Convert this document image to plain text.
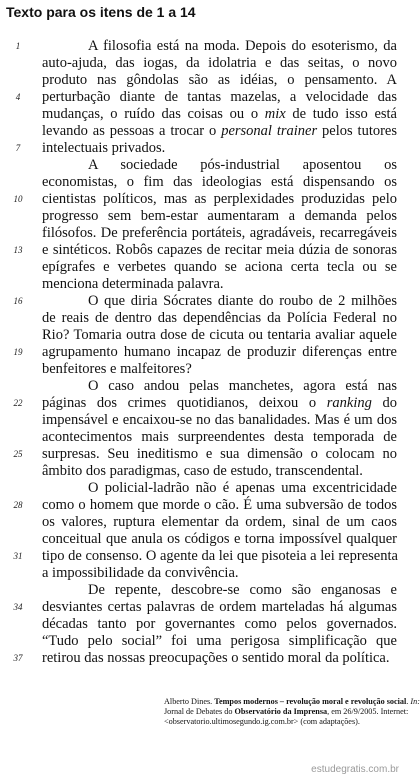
Texto para os itens de 1 a 14
A filosofia está na moda. Depois do esoterismo, da
1
auto-ajuda, das iogas, da idolatria e das seitas, o novo
produto nas gôndolas são as idéias, o pensamento. A
perturbação diante de tantas mazelas, a velocidade das
4
mudanças, o ruído das coisas ou o mix de tudo isso está
levando as pessoas a trocar o personal trainer pelos tutores
intelectuais privados.
7
A sociedade pós-industrial aposentou os
economistas, o fim das ideologias está dispensando os
cientistas políticos, mas as perplexidades produzidas pelo
10
progresso sem bem-estar aumentaram a demanda pelos
filósofos. De preferência portáteis, agradáveis, recarregáveis
e sintéticos. Robôs capazes de recitar meia dúzia de sonoras
13
epígrafes e verbetes quando se aciona certa tecla ou se
menciona determinada palavra.
O que diria Sócrates diante do roubo de 2 milhões
16
de reais de dentro das dependências da Polícia Federal no
Rio? Tomaria outra dose de cicuta ou tentaria avaliar aquele
agrupamento humano incapaz de produzir diferenças entre
19
benfeitores e malfeitores?
O caso andou pelas manchetes, agora está nas
páginas dos crimes quotidianos, deixou o ranking do
22
impensável e encaixou-se no das banalidades. Mas é um dos
acontecimentos mais surpreendentes desta temporada de
surpresas. Seu ineditismo e sua dimensão o colocam no
25
âmbito dos paradigmas, caso de estudo, transcendental.
O policial-ladrão não é apenas uma excentricidade
como o homem que morde o cão. É uma subversão de todos
28
os valores, ruptura elementar da ordem, sinal de um caos
conceitual que anula os códigos e torna impossível qualquer
tipo de consenso. O agente da lei que pisoteia a lei representa
31
a impossibilidade da convivência.
De repente, descobre-se como são enganosas e
desviantes certas palavras de ordem marteladas há algumas
34
décadas tanto por governantes como pelos governados.
“Tudo pelo social” foi uma perigosa simplificação que
retirou das nossas preocupações o sentido moral da política.
37
Alberto Dines. Tempos modernos – revolução moral e revolução social. In:
Jornal de Debates do Observatório da Imprensa, em 26/9/2005. Internet:
<observatorio.ultimosegundo.ig.com.br> (com adaptações).
estudegratis.com.br
